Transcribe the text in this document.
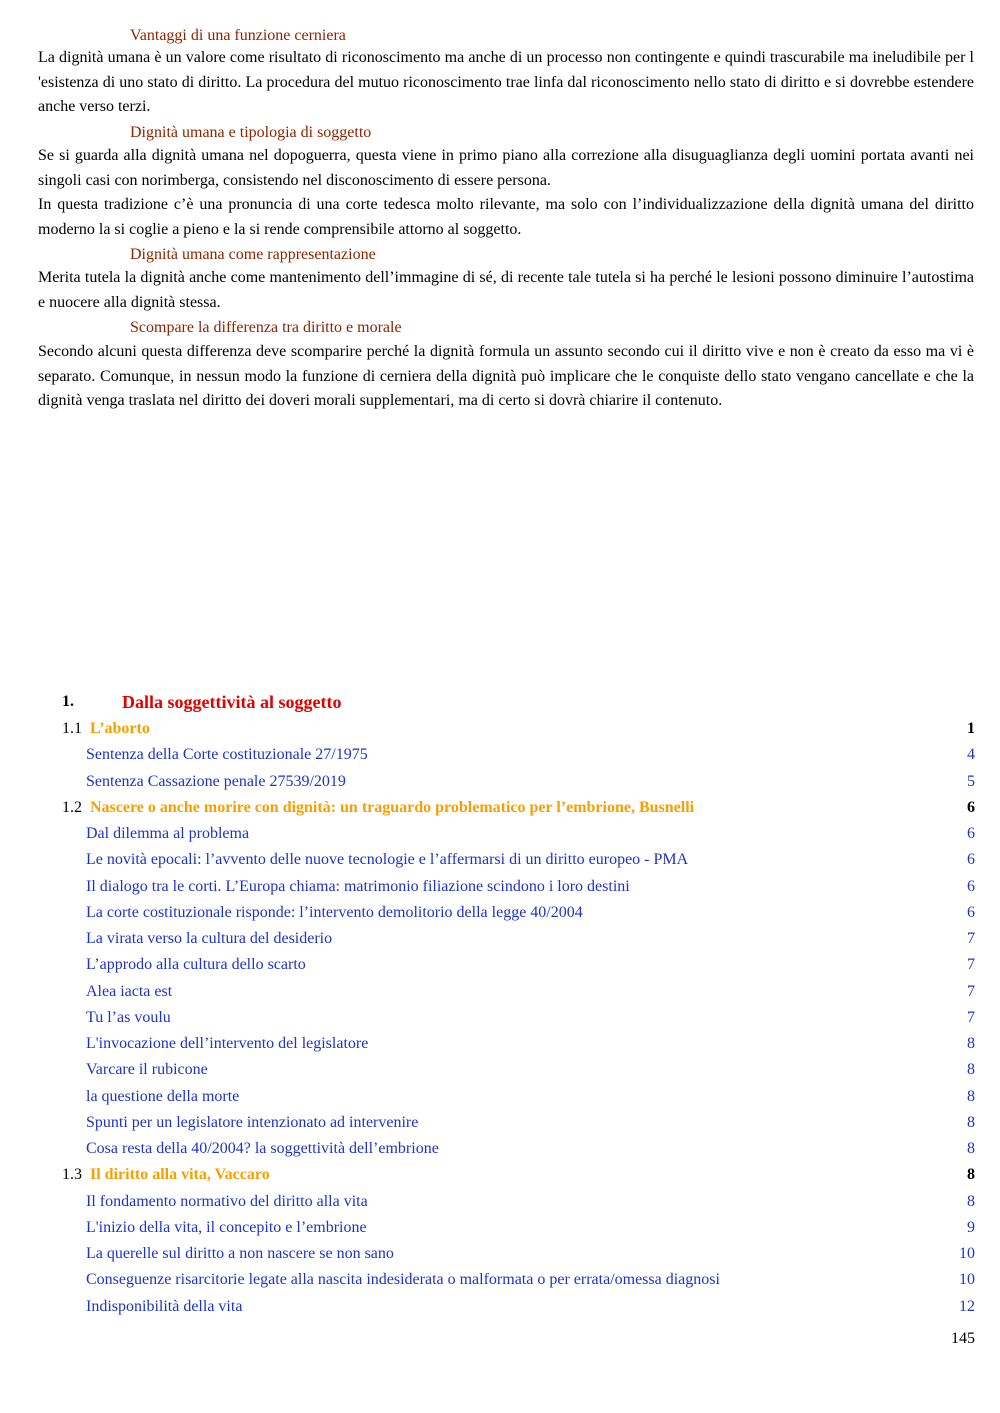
Vantaggi di una funzione cerniera
La dignità umana è un valore come risultato di riconoscimento ma anche di un processo non contingente e quindi trascurabile ma ineludibile per l 'esistenza di uno stato di diritto. La procedura del mutuo riconoscimento trae linfa dal riconoscimento nello stato di diritto e si dovrebbe estendere anche verso terzi.
Dignità umana e tipologia di soggetto
Se si guarda alla dignità umana nel dopoguerra, questa viene in primo piano alla correzione alla disuguaglianza degli uomini portata avanti nei singoli casi con norimberga, consistendo nel disconoscimento di essere persona.
In questa tradizione c’è una pronuncia di una corte tedesca molto rilevante, ma solo con l’individualizzazione della dignità umana del diritto moderno la si coglie a pieno e la si rende comprensibile attorno al soggetto.
Dignità umana come rappresentazione
Merita tutela la dignità anche come mantenimento dell’immagine di sé, di recente tale tutela si ha perché le lesioni possono diminuire l’autostima e nuocere alla dignità stessa.
Scompare la differenza tra diritto e morale
Secondo alcuni questa differenza deve scomparire perché la dignità formula un assunto secondo cui il diritto vive e non è creato da esso ma vi è separato. Comunque, in nessun modo la funzione di cerniera della dignità può implicare che le conquiste dello stato vengano cancellate e che la dignità venga traslata nel diritto dei doveri morali supplementari, ma di certo si dovrà chiarire il contenuto.
1.	Dalla soggettività al soggetto
1.1 L’aborto	1
Sentenza della Corte costituzionale 27/1975	4
Sentenza Cassazione penale 27539/2019	5
1.2 Nascere o anche morire con dignità: un traguardo problematico per l’embrione, Busnelli	6
Dal dilemma al problema	6
Le novità epocali: l’avvento delle nuove tecnologie e l’affermarsi di un diritto europeo - PMA	6
Il dialogo tra le corti. L’Europa chiama: matrimonio filiazione scindono i loro destini	6
La corte costituzionale risponde: l’intervento demolitorio della legge 40/2004	6
La virata verso la cultura del desiderio	7
L’approdo alla cultura dello scarto	7
Alea iacta est	7
Tu l’as voulu	7
L'invocazione dell’intervento del legislatore	8
Varcare il rubicone	8
la questione della morte	8
Spunti per un legislatore intenzionato ad intervenire	8
Cosa resta della 40/2004? la soggettività dell’embrione	8
1.3 Il diritto alla vita, Vaccaro	8
Il fondamento normativo del diritto alla vita	8
L'inizio della vita, il concepito e l’embrione	9
La querelle sul diritto a non nascere se non sano	10
Conseguenze risarcitorie legate alla nascita indesiderata o malformata o per errata/omessa diagnosi	10
Indisponibilità della vita	12
145
